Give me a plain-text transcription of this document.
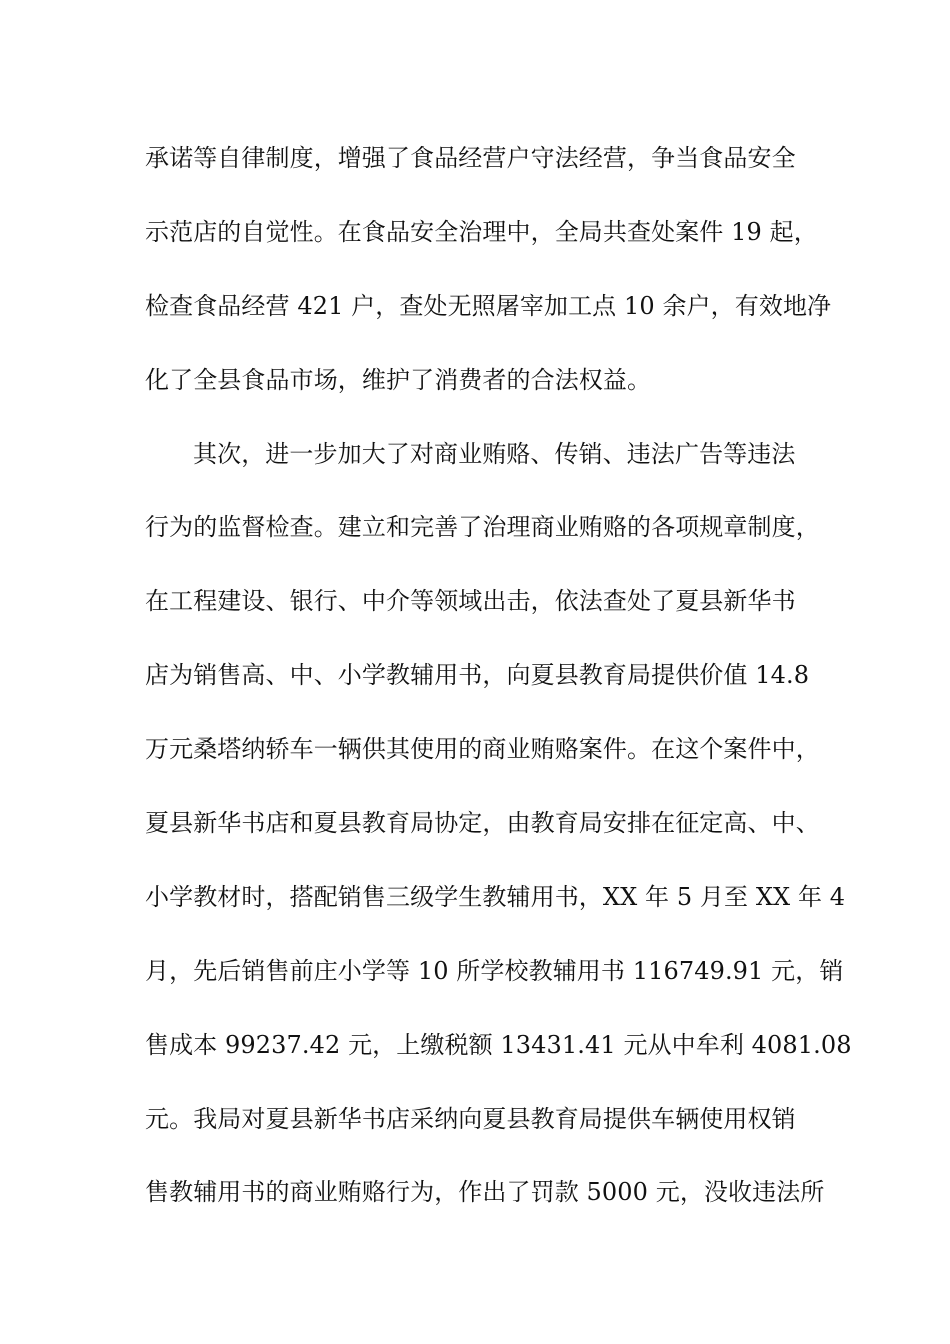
承诺等自律制度，增强了食品经营户守法经营，争当食品安全
示范店的自觉性。在食品安全治理中，全局共查处案件 19 起，
检查食品经营 421 户，查处无照屠宰加工点 10 余户，有效地净
化了全县食品市场，维护了消费者的合法权益。
其次，进一步加大了对商业贿赂、传销、违法广告等违法
行为的监督检查。建立和完善了治理商业贿赂的各项规章制度，
在工程建设、银行、中介等领域出击，依法查处了夏县新华书
店为销售高、中、小学教辅用书，向夏县教育局提供价值 14.8
万元桑塔纳轿车一辆供其使用的商业贿赂案件。在这个案件中，
夏县新华书店和夏县教育局协定，由教育局安排在征定高、中、
小学教材时，搭配销售三级学生教辅用书，XX 年 5 月至 XX 年 4
月，先后销售前庄小学等 10 所学校教辅用书 116749.91 元，销
售成本 99237.42 元，上缴税额 13431.41 元从中牟利 4081.08
元。我局对夏县新华书店采纳向夏县教育局提供车辆使用权销
售教辅用书的商业贿赂行为，作出了罚款 5000 元，没收违法所
